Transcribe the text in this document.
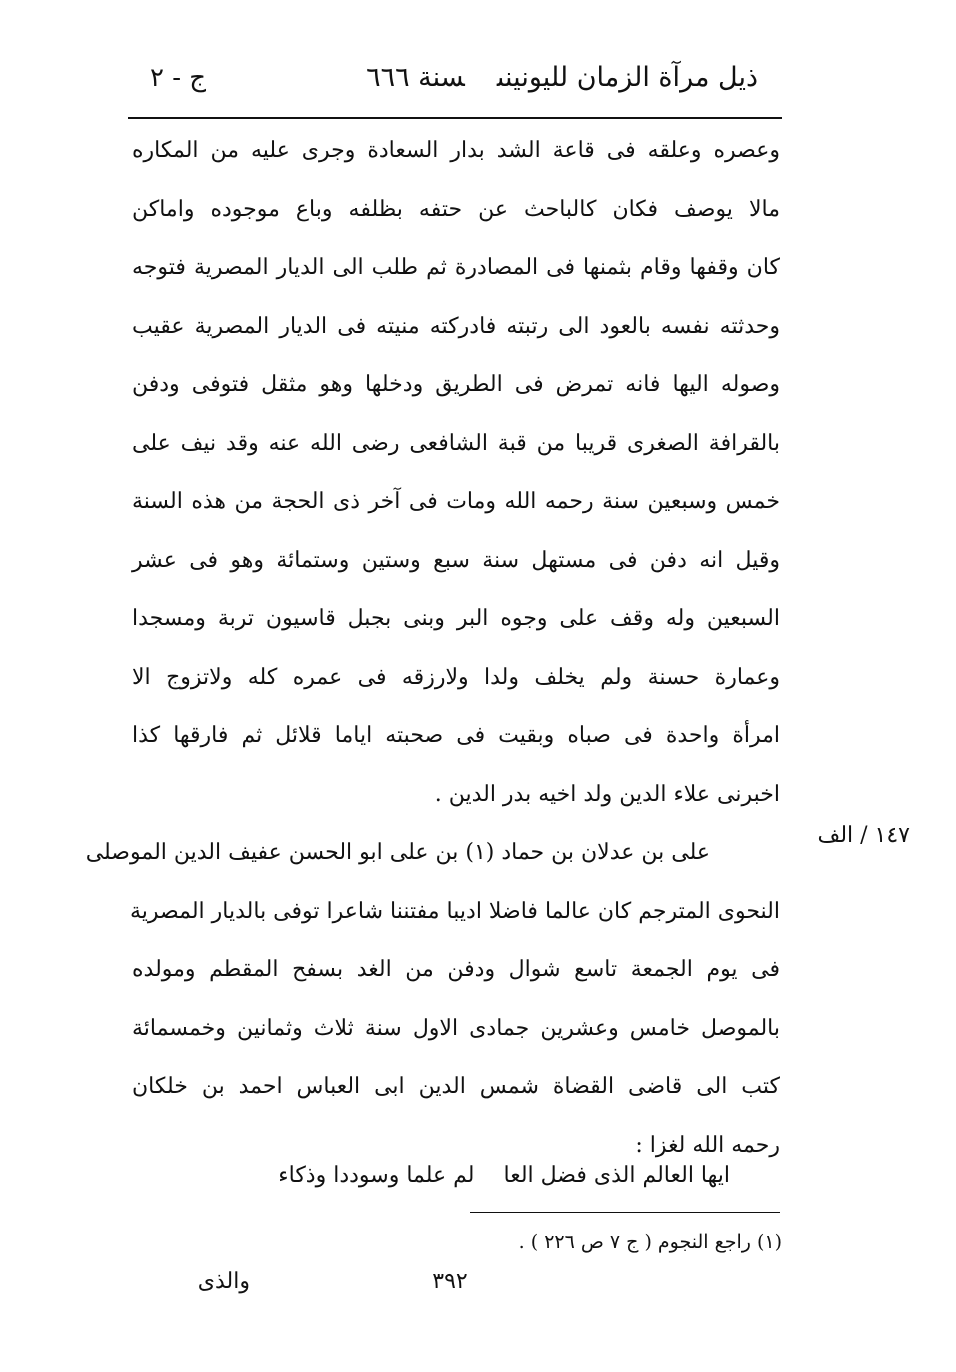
ذيل مرآة الزمان لليونينىسنة ٦٦٦
ج - ٢
وعصره وعلقه فى قاعة الشد بدار السعادة وجرى عليه من المكاره
مالا يوصف فكان كالباحث عن حتفه بظلفه وباع موجوده واماكن
كان وقفها وقام بثمنها فى المصادرة ثم طلب الى الديار المصرية فتوجه
وحدثته نفسه بالعود الى رتبته فادركته منيته فى الديار المصرية عقيب
وصوله اليها فانه تمرض فى الطريق ودخلها وهو مثقل فتوفى ودفن
بالقرافة الصغرى قريبا من قبة الشافعى رضى الله عنه وقد نيف على
خمس وسبعين سنة رحمه الله ومات فى آخر ذى الحجة من هذه السنة
وقيل انه دفن فى مستهل سنة سبع وستين وستمائة وهو فى عشر
السبعين وله وقف على وجوه البر وبنى بجبل قاسيون تربة ومسجدا
وعمارة حسنة ولم يخلف ولدا ولارزقه فى عمره كله ولاتزوج الا
امرأة واحدة فى صباه وبقيت فى صحبته اياما قلائل ثم فارقها كذا
اخبرنى علاء الدين ولد اخيه بدر الدين .
على بن عدلان بن حماد (١) بن على ابو الحسن عفيف الدين الموصلى
النحوى المترجم كان عالما فاضلا اديبا مفتننا شاعرا توفى بالديار المصرية
فى يوم الجمعة تاسع شوال ودفن من الغد بسفح المقطم ومولده
بالموصل خامس وعشرين جمادى الاول سنة ثلاث وثمانين وخمسمائة
كتب الى قاضى القضاة شمس الدين ابى العباس احمد بن خلكان
رحمه الله لغزا :
١٤٧ / الف
ايها العالم الذى فضل العا لم علما وسوددا وذكاء
(١) راجع النجوم ( ج ٧ ص ٢٢٦ ) .
٣٩٢
والذى
